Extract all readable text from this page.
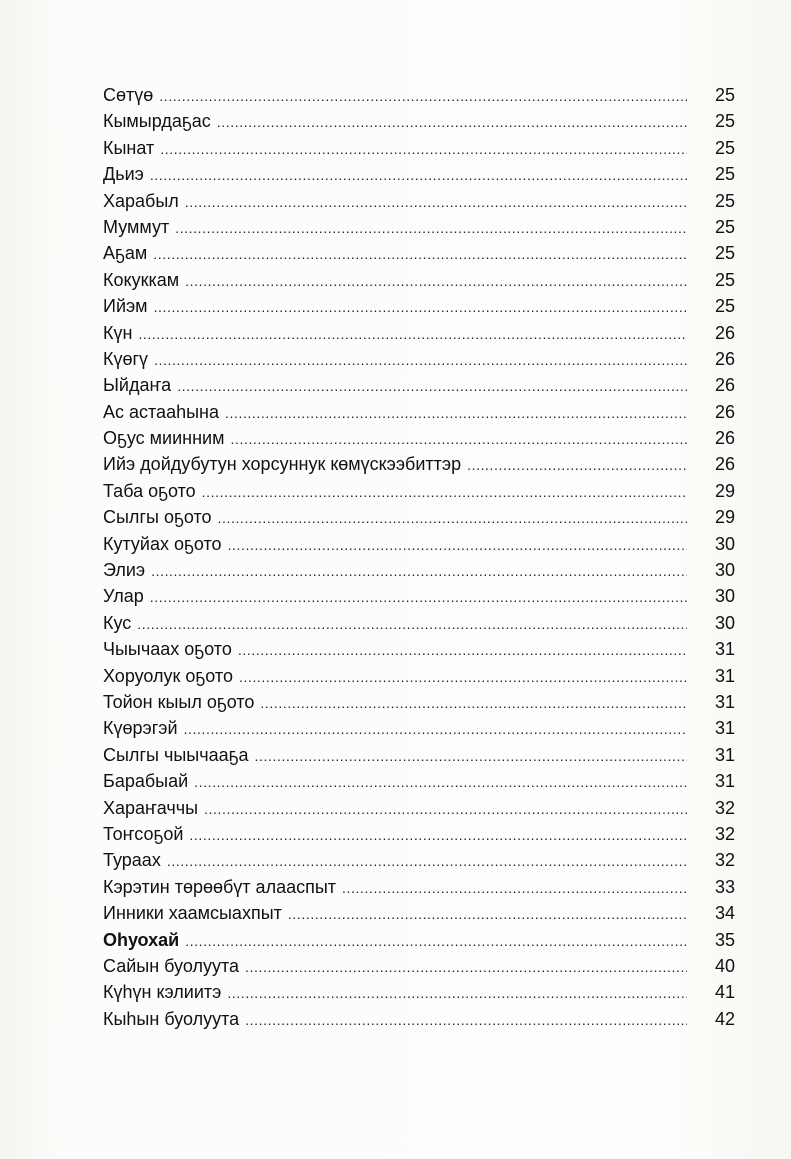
Сөтүө .....	25
Кымырдаҕас .....	25
Кынат .....	25
Дьиэ .....	25
Харабыл .....	25
Муммут .....	25
Аҕам .....	25
Кокуккам .....	25
Ийэм .....	25
Күн .....	26
Күөгү .....	26
Ыйдаҥа .....	26
Ас астааһына .....	26
Оҕус миинним .....	26
Ийэ дойдубутун хорсуннук көмүскээбиттэр .....	26
Таба оҕото .....	29
Сылгы оҕото .....	29
Кутуйах оҕото .....	30
Элиэ .....	30
Улар .....	30
Кус .....	30
Чыычаах оҕото .....	31
Хоруолук оҕото .....	31
Тойон кыыл оҕото .....	31
Күөрэгэй .....	31
Сылгы чыычааҕа .....	31
Барабыай .....	31
Хараҥаччы .....	32
Тоҥсоҕой .....	32
Тураах .....	32
Кэрэтин төрөөбүт алааспыт .....	33
Инники хаамсыахпыт .....	34
Оһуохай .....	35
Сайын буолуута .....	40
Күһүн кэлиитэ .....	41
Кыһын буолуута .....	42
